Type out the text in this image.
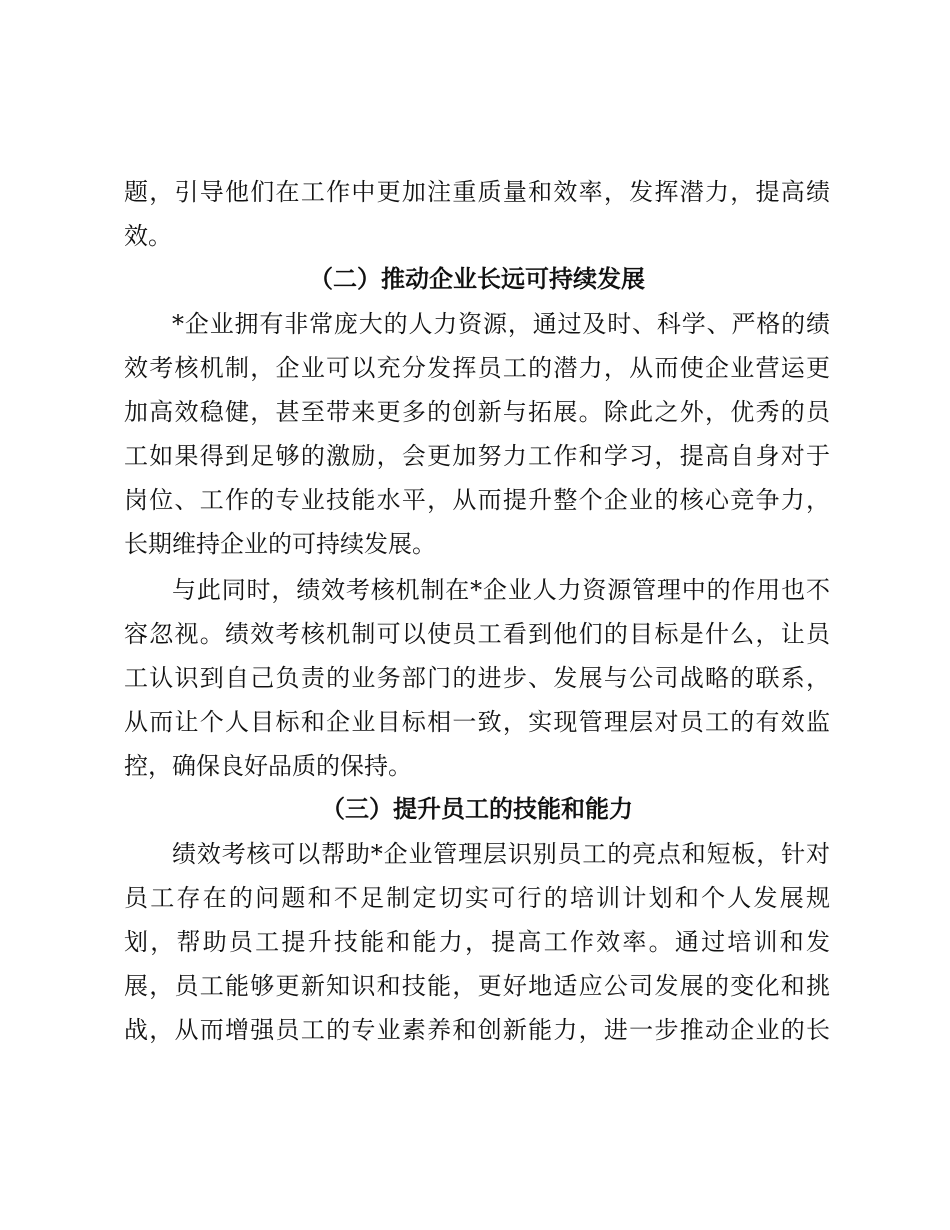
题，引导他们在工作中更加注重质量和效率，发挥潜力，提高绩
效。
（二）推动企业长远可持续发展
*企业拥有非常庞大的人力资源，通过及时、科学、严格的绩
效考核机制，企业可以充分发挥员工的潜力，从而使企业营运更
加高效稳健，甚至带来更多的创新与拓展。除此之外，优秀的员
工如果得到足够的激励，会更加努力工作和学习，提高自身对于
岗位、工作的专业技能水平，从而提升整个企业的核心竞争力，
长期维持企业的可持续发展。
与此同时，绩效考核机制在*企业人力资源管理中的作用也不
容忽视。绩效考核机制可以使员工看到他们的目标是什么，让员
工认识到自己负责的业务部门的进步、发展与公司战略的联系，
从而让个人目标和企业目标相一致，实现管理层对员工的有效监
控，确保良好品质的保持。
（三）提升员工的技能和能力
绩效考核可以帮助*企业管理层识别员工的亮点和短板，针对
员工存在的问题和不足制定切实可行的培训计划和个人发展规
划，帮助员工提升技能和能力，提高工作效率。通过培训和发
展，员工能够更新知识和技能，更好地适应公司发展的变化和挑
战，从而增强员工的专业素养和创新能力，进一步推动企业的长
